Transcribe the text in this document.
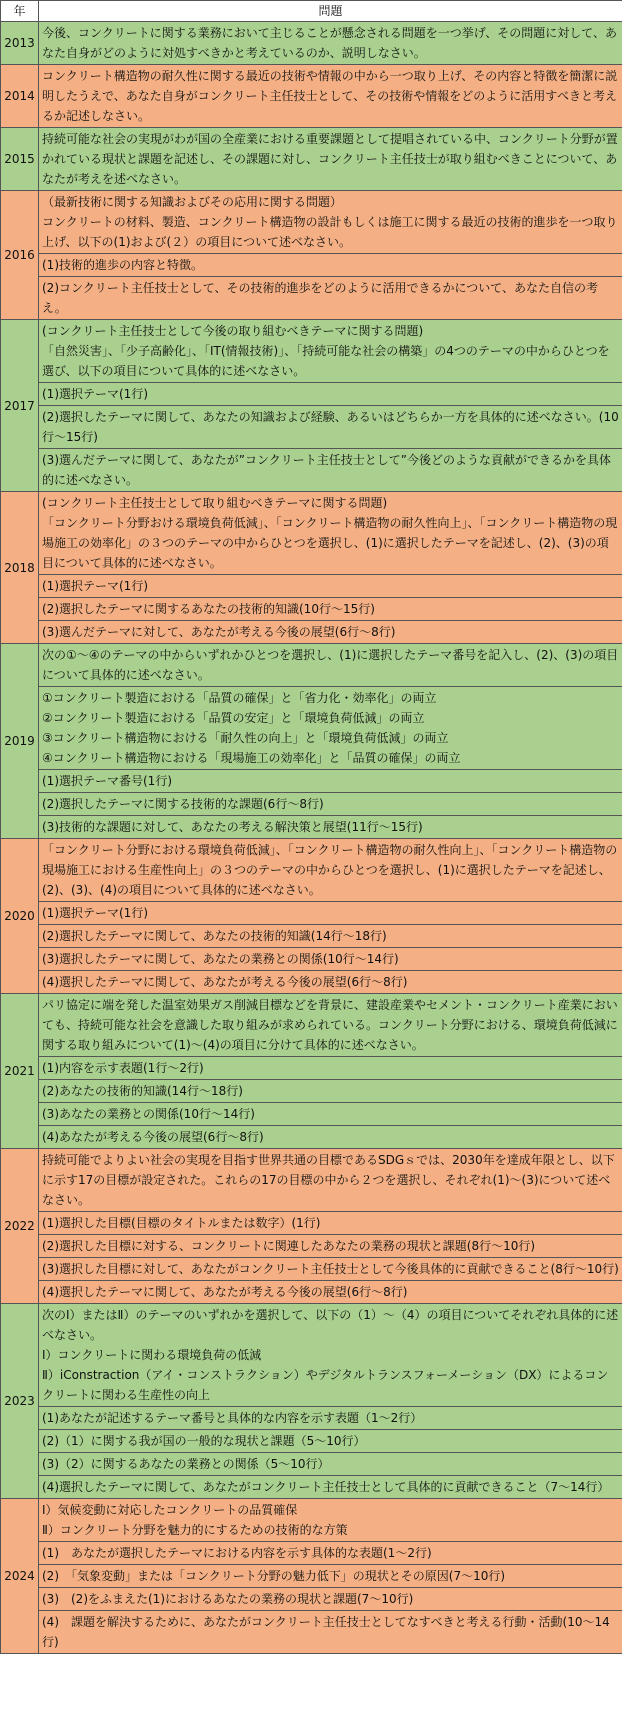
年	問題
2013	今後、コンクリートに関する業務において主じることが懸念される問題を一つ挙げ、その問題に対して、あなた自身がどのように対処すべきかと考えているのか、説明しなさい。
2014	コンクリート構造物の耐久性に関する最近の技術や情報の中から一つ取り上げ、その内容と特徴を簡潔に説明したうえで、あなた自身がコンクリート主任技士として、その技術や情報をどのように活用すべきと考えるか記述しなさい。
2015	持続可能な社会の実現がわが国の全産業における重要課題として提唱されている中、コンクリート分野が置かれている現状と課題を記述し、その課題に対し、コンクリート主任技士が取り組むべきことについて、あなたが考えを述べなさい。
2016	（最新技術に関する知識およびその応用に関する問題）
コンクリートの材料、製造、コンクリート構造物の設計もしくは施工に関する最近の技術的進歩を一つ取り上げ、以下の(1)および(２）の項目について述べなさい。
	(1)技術的進歩の内容と特徴。
	(2)コンクリート主任技士として、その技術的進歩をどのように活用できるかについて、あなた自信の考え。
2017	(コンクリート主任技士として今後の取り組むべきテーマに関する問題)
「自然災害」、「少子高齢化」、「IT(情報技術)」、「持続可能な社会の構築」の4つのテーマの中からひとつを選び、以下の項目について具体的に述べなさい。
	(1)選択テーマ(1行)
	(2)選択したテーマに関して、あなたの知識および経験、あるいはどちらか一方を具体的に述べなさい。(10行～15行)
	(3)選んだテーマに関して、あなたが”コンクリート主任技士として”今後どのような貢献ができるかを具体的に述べなさい。
2018	(コンクリート主任技士として取り組むべきテーマに関する問題)
「コンクリート分野おける環境負荷低減」、「コンクリート構造物の耐久性向上」、「コンクリート構造物の現場施工の効率化」の３つのテーマの中からひとつを選択し、(1)に選択したテーマを記述し、(2)、(3)の項目について具体的に述べなさい。
	(1)選択テーマ(1行)
	(2)選択したテーマに関するあなたの技術的知識(10行～15行)
	(3)選んだテーマに対して、あなたが考える今後の展望(6行～8行)
2019	次の①～④のテーマの中からいずれかひとつを選択し、(1)に選択したテーマ番号を記入し、(2)、(3)の項目について具体的に述べなさい。
	①コンクリート製造における「品質の確保」と「省力化・効率化」の両立
②コンクリート製造における「品質の安定」と「環境負荷低減」の両立
③コンクリート構造物における「耐久性の向上」と「環境負荷低減」の両立
④コンクリート構造物における「現場施工の効率化」と「品質の確保」の両立
	(1)選択テーマ番号(1行)
	(2)選択したテーマに関する技術的な課題(6行～8行)
	(3)技術的な課題に対して、あなたの考える解決策と展望(11行～15行)
2020	「コンクリート分野における環境負荷低減」、「コンクリート構造物の耐久性向上」、「コンクリート構造物の現場施工における生産性向上」の３つのテーマの中からひとつを選択し、(1)に選択したテーマを記述し、(2)、(3)、(4)の項目について具体的に述べなさい。
	(1)選択テーマ(1行)
	(2)選択したテーマに関して、あなたの技術的知識(14行～18行)
	(3)選択したテーマに関して、あなたの業務との関係(10行～14行)
	(4)選択したテーマに関して、あなたが考える今後の展望(6行～8行)
2021	パリ協定に端を発した温室効果ガス削減目標などを背景に、建設産業やセメント・コンクリート産業においても、持続可能な社会を意識した取り組みが求められている。コンクリート分野における、環境負荷低減に関する取り組みについて(1)～(4)の項目に分けて具体的に述べなさい。
	(1)内容を示す表題(1行～2行)
	(2)あなたの技術的知識(14行～18行)
	(3)あなたの業務との関係(10行～14行)
	(4)あなたが考える今後の展望(6行～8行)
2022	持続可能でよりよい社会の実現を目指す世界共通の目標であるSDGｓでは、2030年を達成年限とし、以下に示す17の目標が設定された。これらの17の目標の中から２つを選択し、それぞれ(1)～(3)について述べなさい。
	(1)選択した目標(目標のタイトルまたは数字）(1行)
	(2)選択した目標に対する、コンクリートに関連したあなたの業務の現状と課題(8行～10行)
	(3)選択した目標に対して、あなたがコンクリート主任技士として今後具体的に貢献できること(8行～10行)
	(4)選択したテーマに関して、あなたが考える今後の展望(6行～8行)
2023	次のⅠ）またはⅡ）のテーマのいずれかを選択して、以下の（1）～（4）の項目についてそれぞれ具体的に述べなさい。
Ⅰ）コンクリートに関わる環境負荷の低減
Ⅱ）iConstraction（アイ・コンストラクション）やデジタルトランスフォーメーション（DX）によるコンクリートに関わる生産性の向上
	(1)あなたが記述するテーマ番号と具体的な内容を示す表題（1～2行）
	(2)（1）に関する我が国の一般的な現状と課題（5～10行）
	(3)（2）に関するあなたの業務との関係（5～10行）
	(4)選択したテーマに関して、あなたがコンクリート主任技士として具体的に貢献できること（7～14行）
2024	Ⅰ）気候変動に対応したコンクリートの品質確保
Ⅱ）コンクリート分野を魅力的にするための技術的な方策
	(1)　あなたが選択したテーマにおける内容を示す具体的な表題(1～2行)
	(2)　「気象変動」または「コンクリート分野の魅力低下」の現状とその原因(7～10行)
	(3)　(2)をふまえた(1)におけるあなたの業務の現状と課題(7～10行)
	(4)　課題を解決するために、あなたがコンクリート主任技士としてなすべきと考える行動・活動(10～14行)
